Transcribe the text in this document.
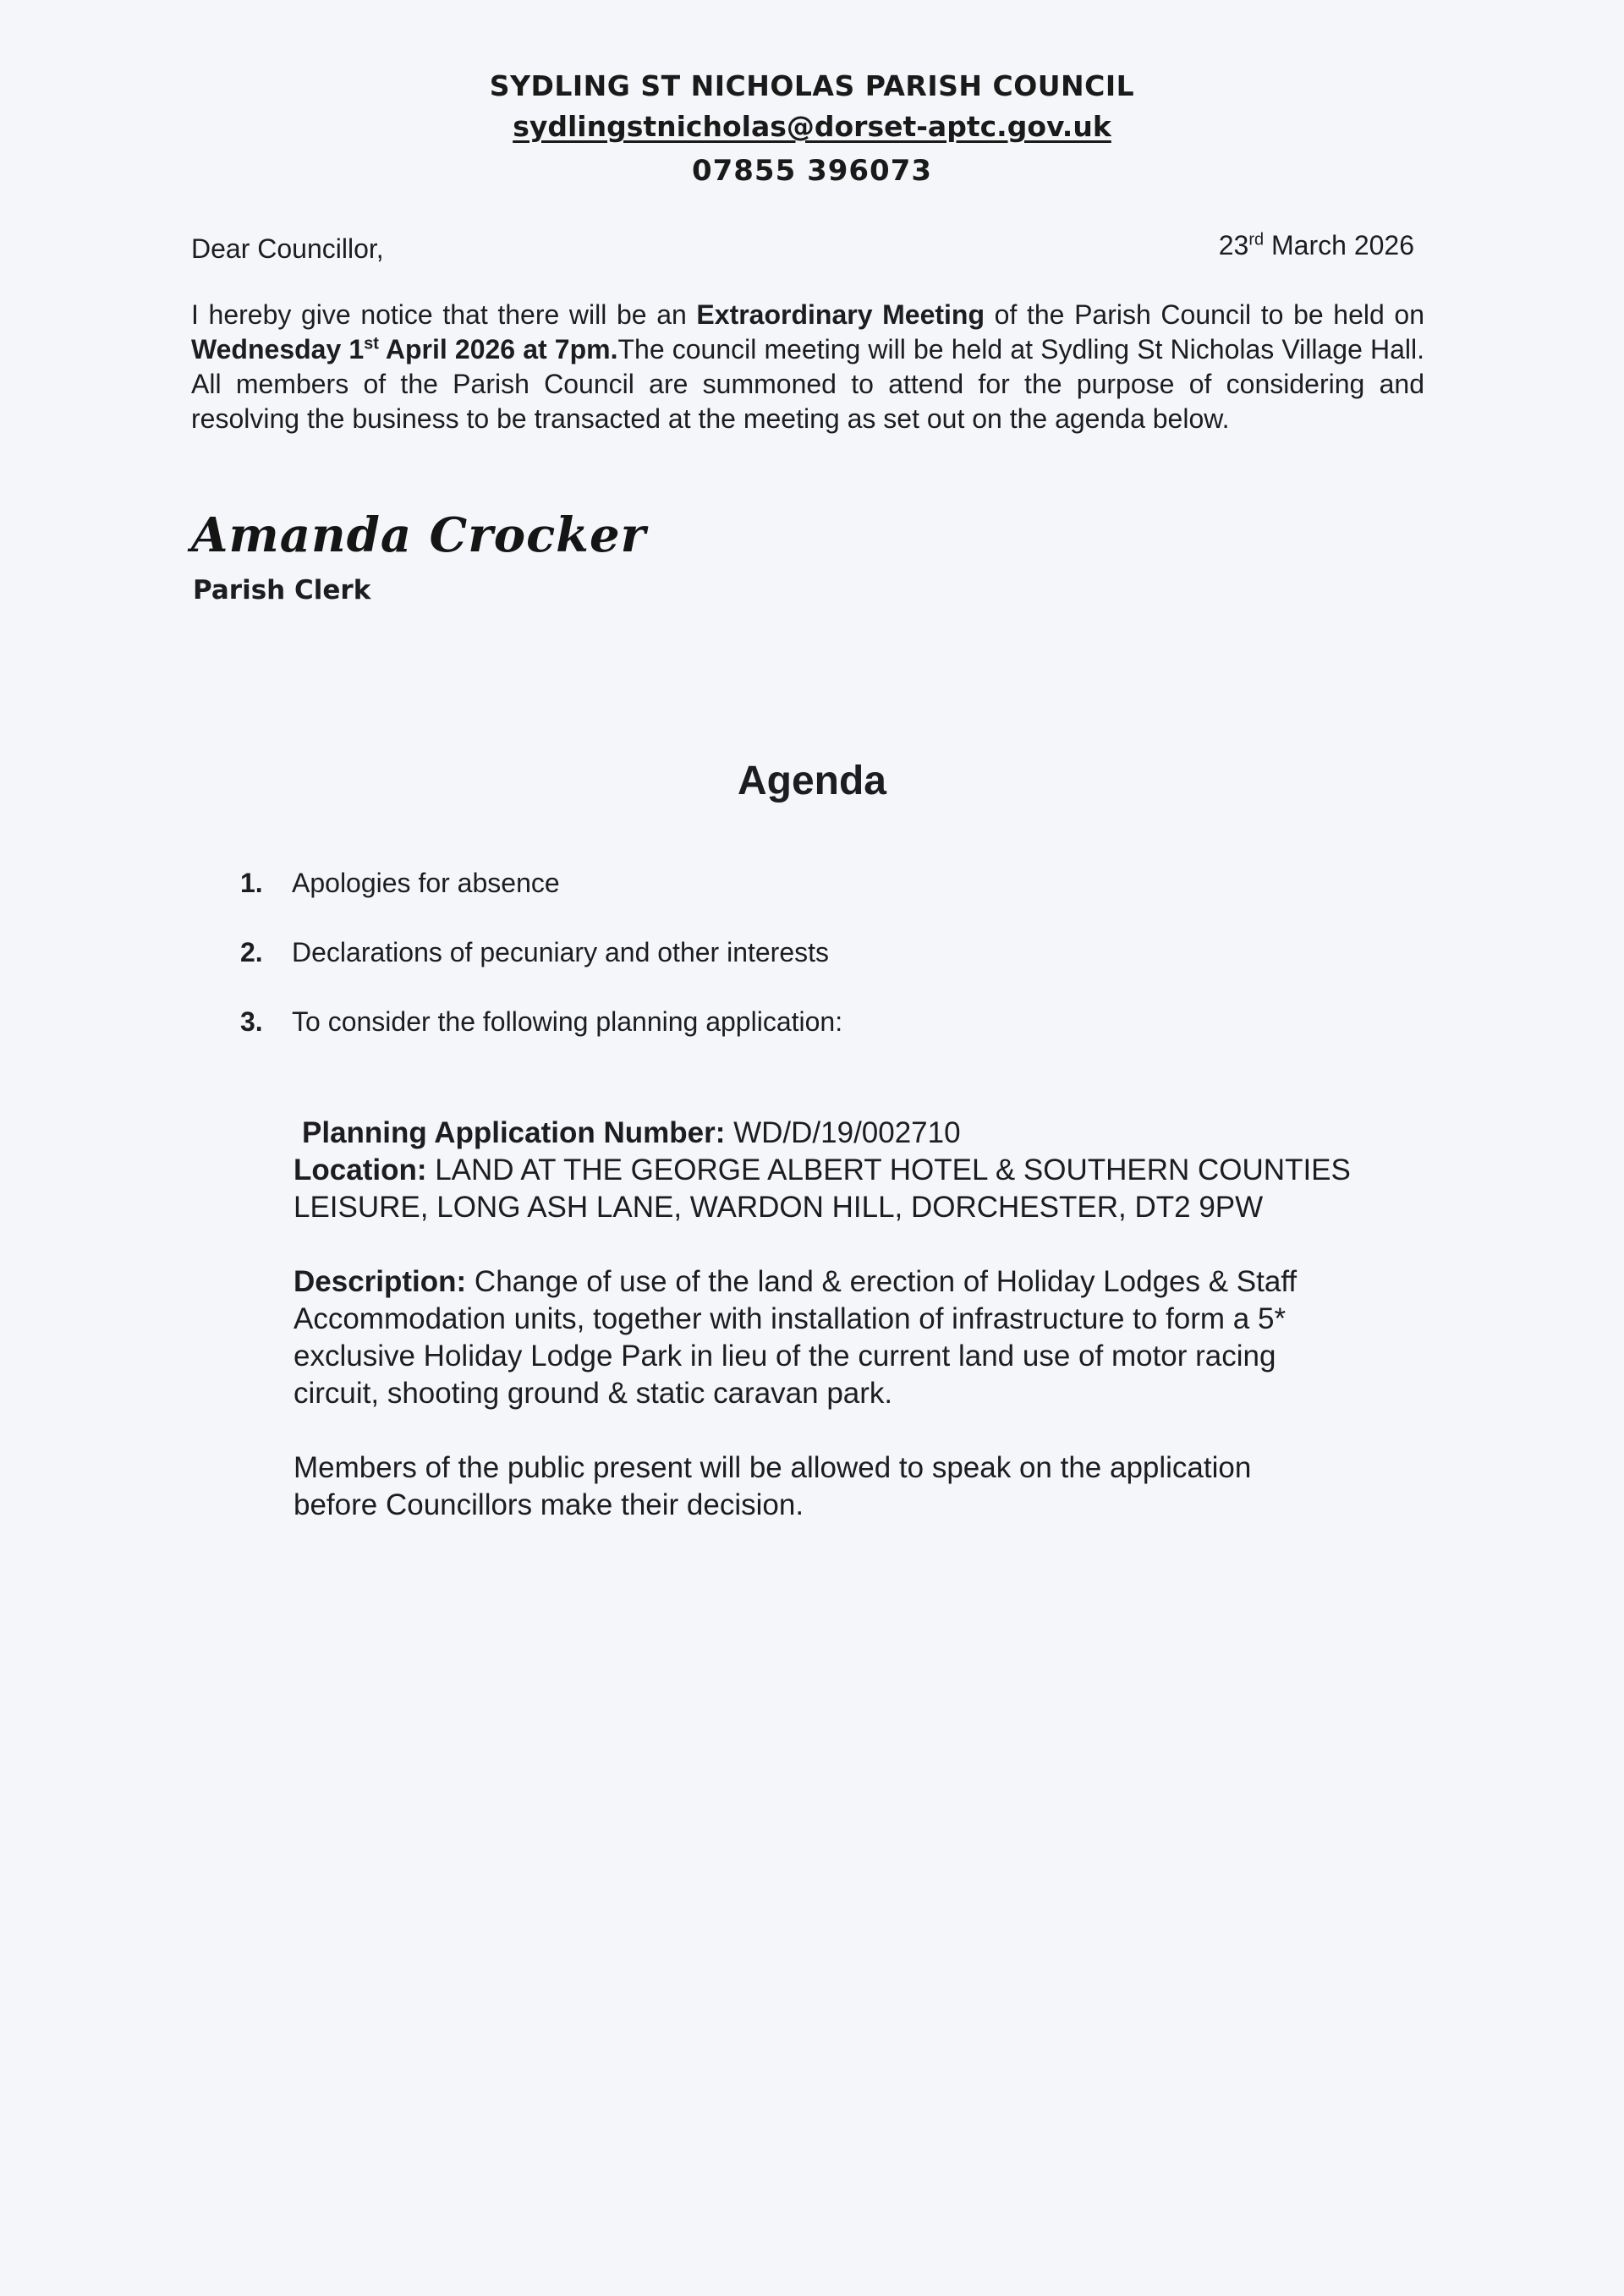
SYDLING ST NICHOLAS PARISH COUNCIL
sydlingstnicholas@dorset-aptc.gov.uk
07855 396073
Dear Councillor,	23rd March 2026
I hereby give notice that there will be an Extraordinary Meeting of the Parish Council to be held on Wednesday 1st April 2026 at 7pm.The council meeting will be held at Sydling St Nicholas Village Hall. All members of the Parish Council are summoned to attend for the purpose of considering and resolving the business to be transacted at the meeting as set out on the agenda below.
Amanda Crocker
Parish Clerk
Agenda
1.	Apologies for absence
2.	Declarations of pecuniary and other interests
3.	To consider the following planning application:
Planning Application Number: WD/D/19/002710
Location: LAND AT THE GEORGE ALBERT HOTEL & SOUTHERN COUNTIES
LEISURE, LONG ASH LANE, WARDON HILL, DORCHESTER, DT2 9PW
Description: Change of use of the land & erection of Holiday Lodges & Staff
Accommodation units, together with installation of infrastructure to form a 5*
exclusive Holiday Lodge Park in lieu of the current land use of motor racing
circuit, shooting ground & static caravan park.
Members of the public present will be allowed to speak on the application
before Councillors make their decision.
